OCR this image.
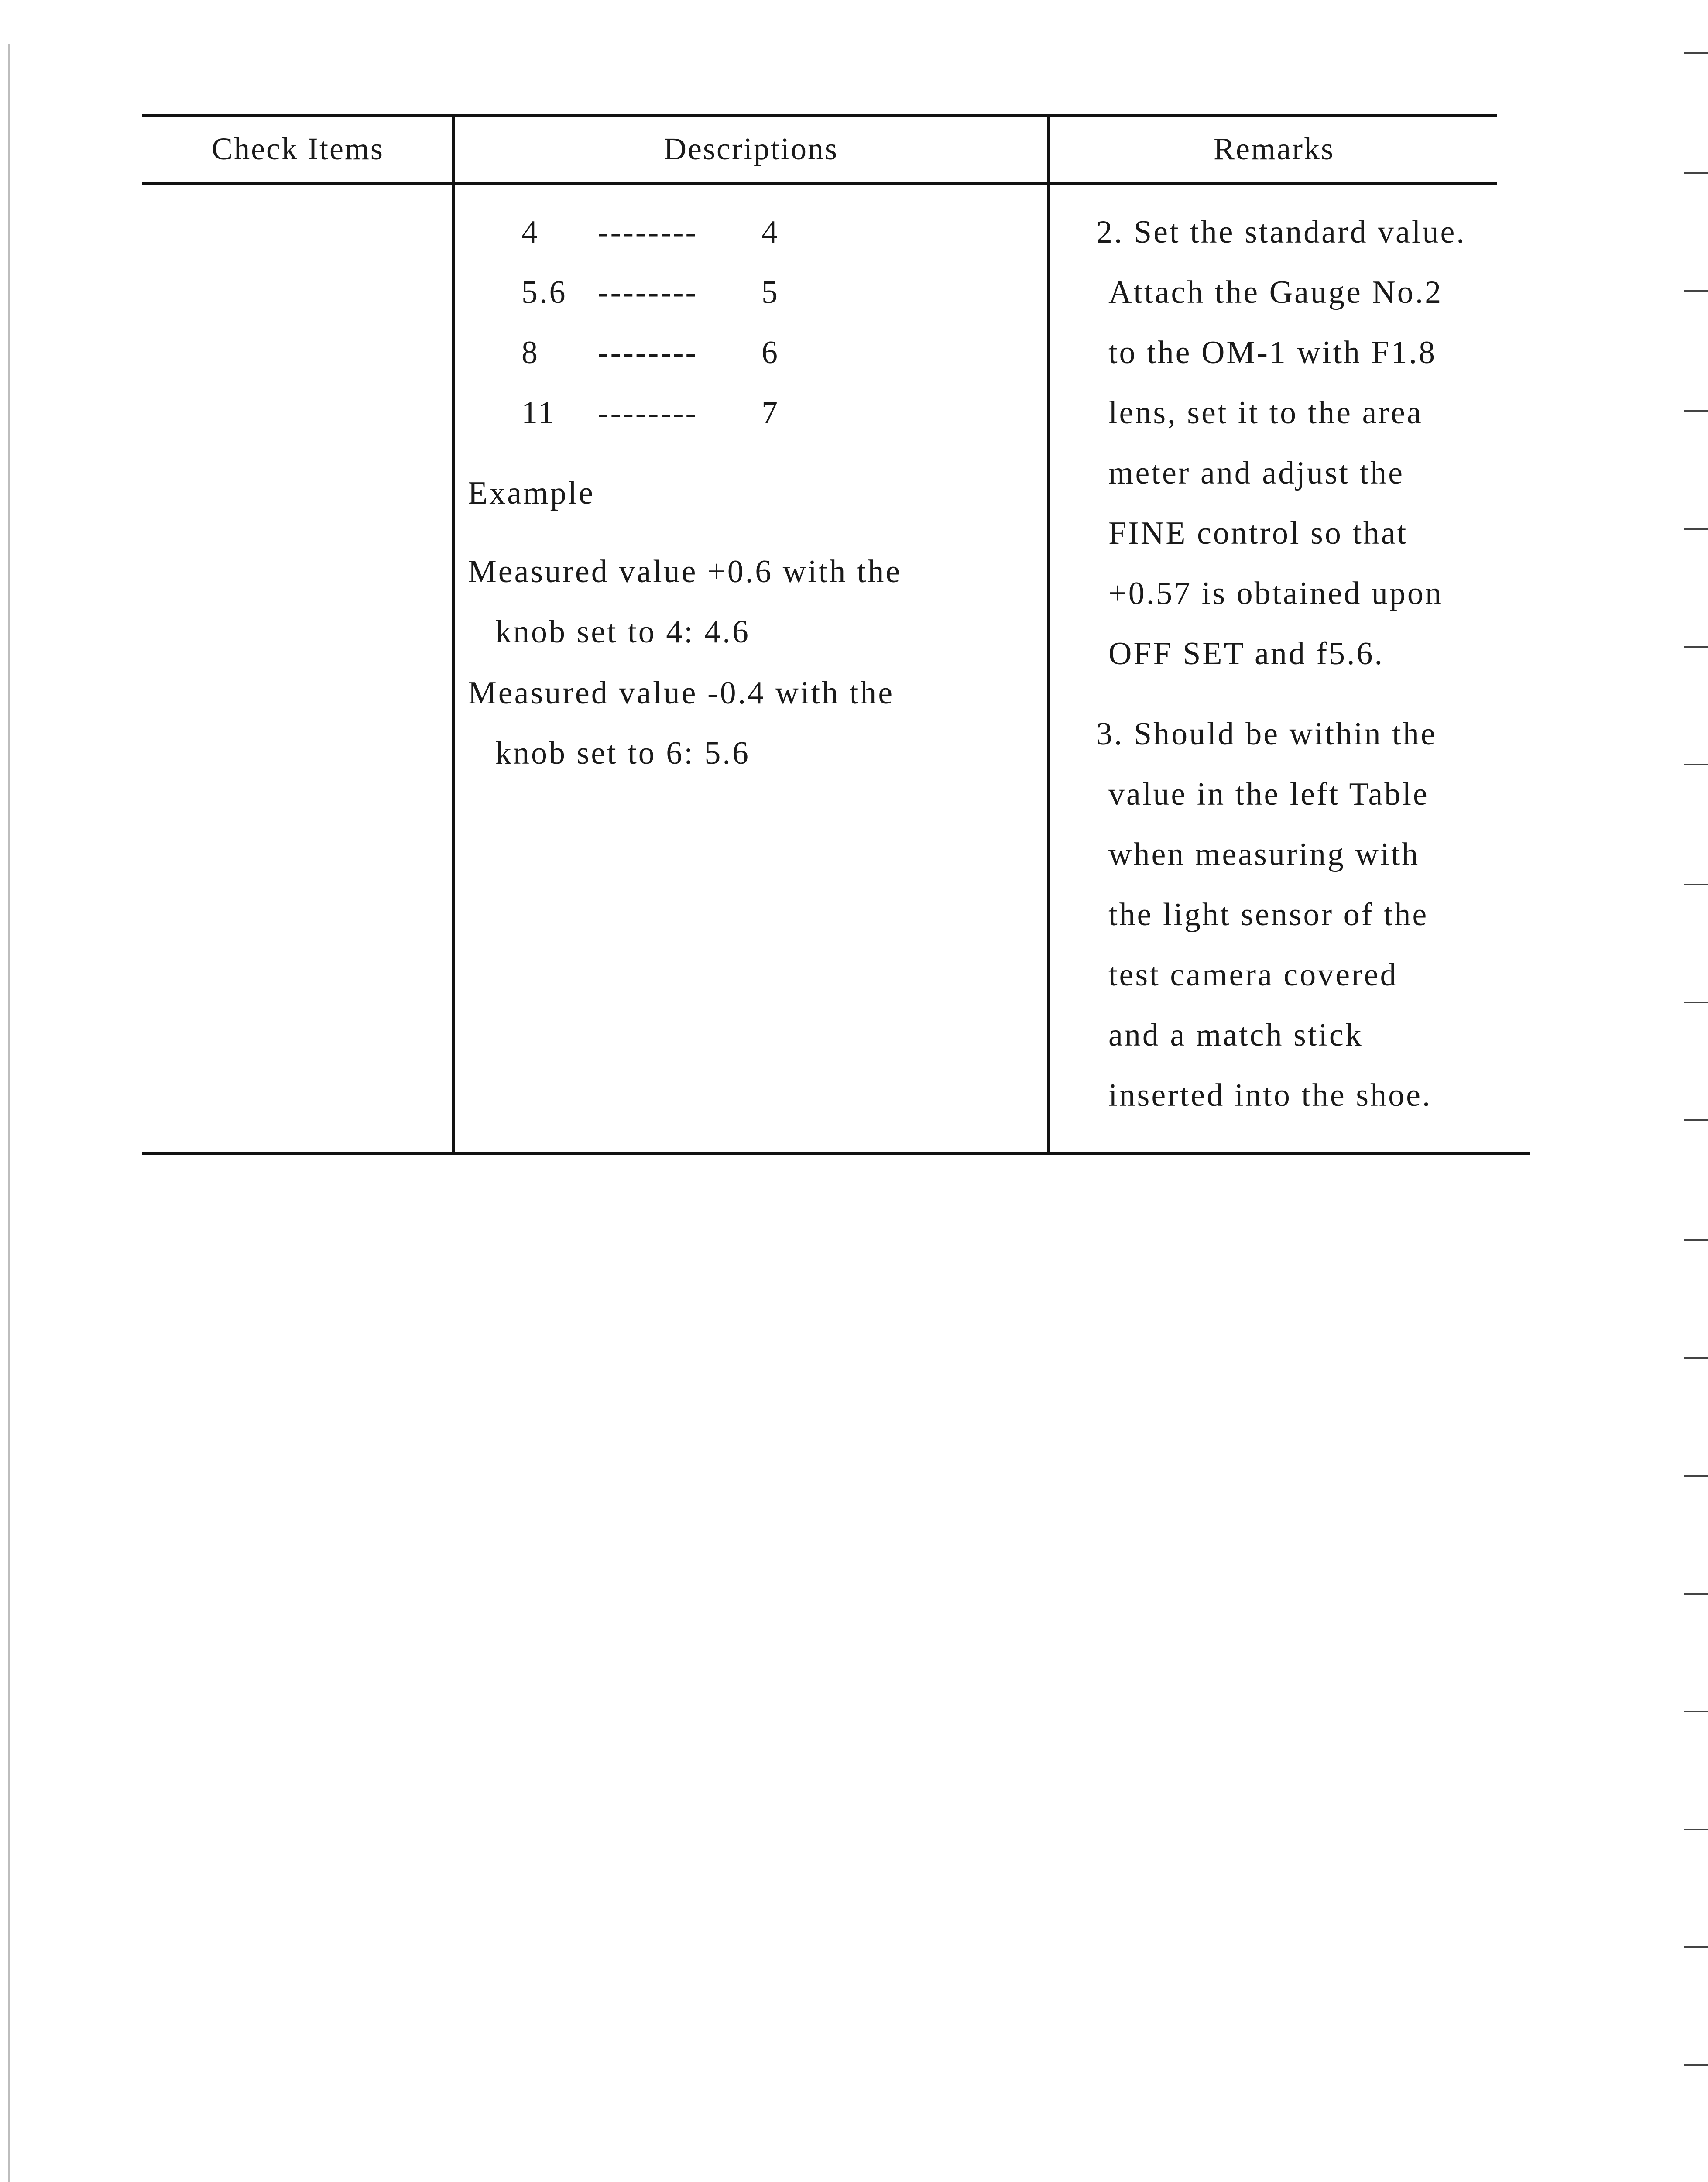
Check Items	Descriptions	Remarks
4 -------- 4
5.6 -------- 5
8 -------- 6
11 -------- 7
Example
Measured value +0.6 with the
knob set to 4: 4.6
Measured value -0.4 with the
knob set to 6: 5.6
2. Set the standard value.
Attach the Gauge No.2
to the OM-1 with F1.8
lens, set it to the area
meter and adjust the
FINE control so that
+0.57 is obtained upon
OFF SET and f5.6.
3. Should be within the
value in the left Table
when measuring with
the light sensor of the
test camera covered
and a match stick
inserted into the shoe.
